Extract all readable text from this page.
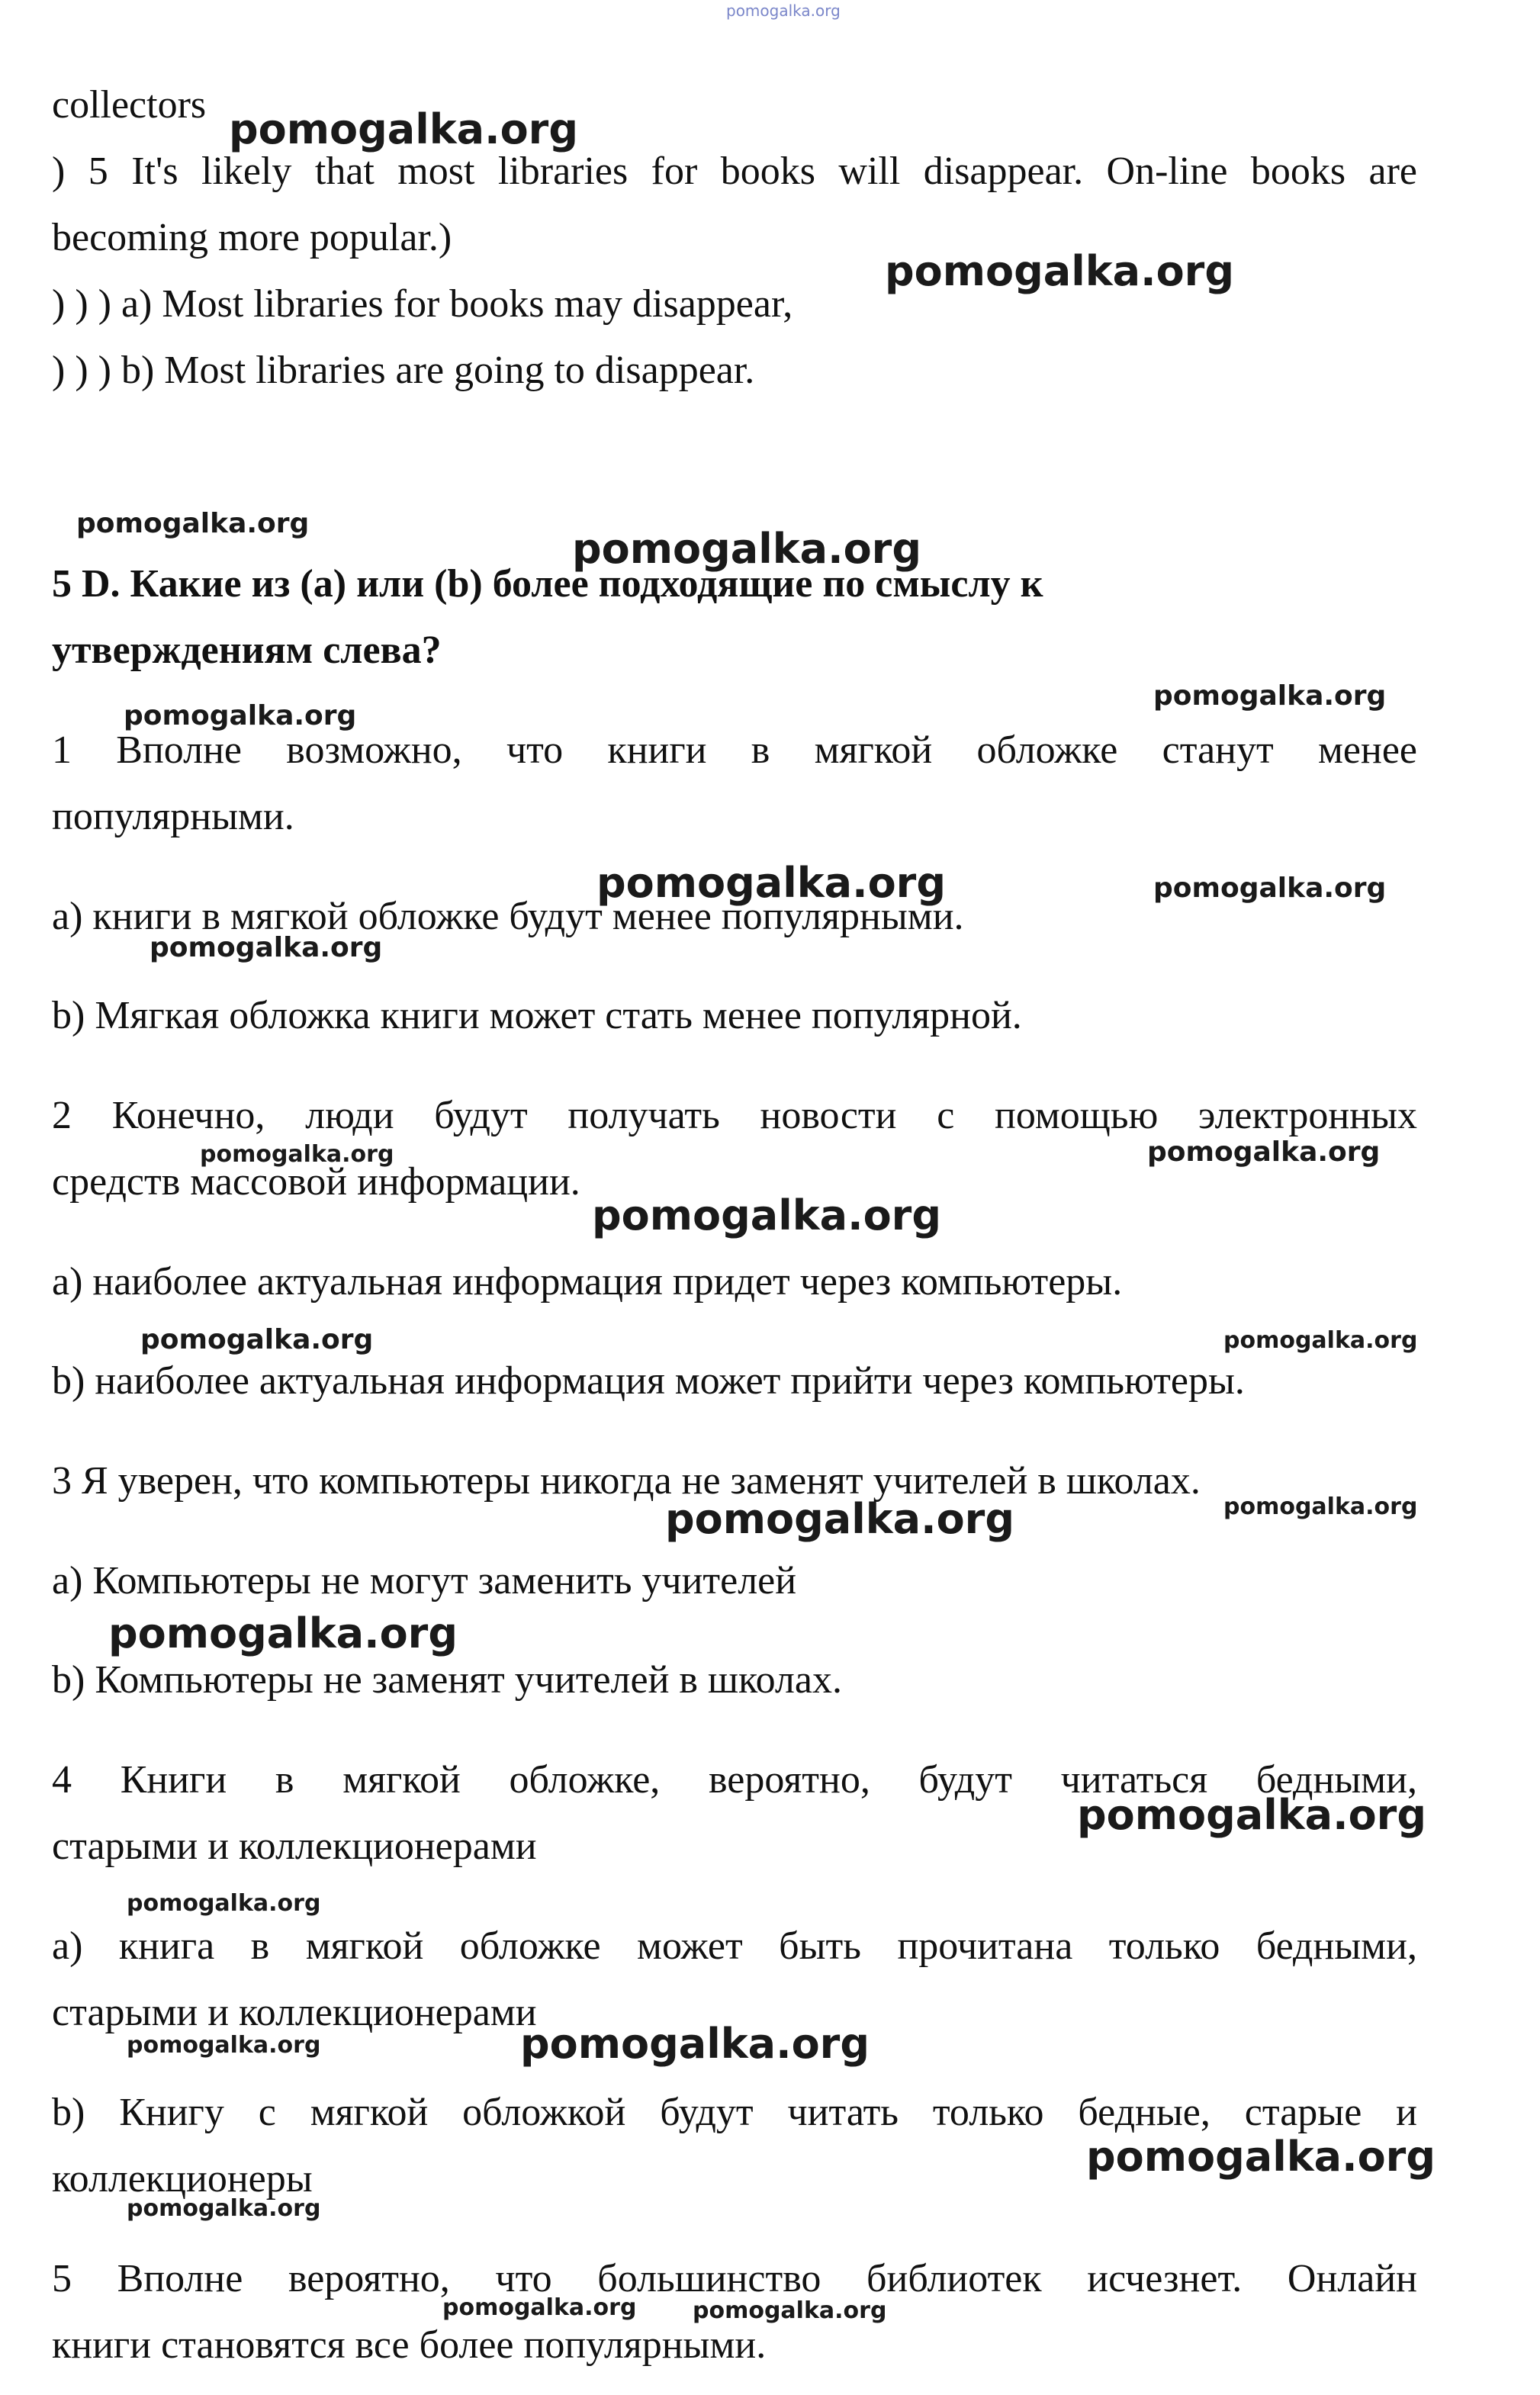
pomogalka.org

collectors

) 5 It's likely that most libraries for books will disappear. On-line books are

becoming more popular.)

) ) ) a) Most libraries for books may disappear,

) ) ) b) Most libraries are going to disappear.

5 D. Какие из (a) или (b) более подходящие по смыслу к

утверждениям слева?

1 Вполне возможно, что книги в мягкой обложке станут менее

популярными.

a) книги в мягкой обложке будут менее популярными.

b) Мягкая обложка книги может стать менее популярной.

2 Конечно, люди будут получать новости с помощью электронных

средств массовой информации.

a) наиболее актуальная информация придет через компьютеры.

b) наиболее актуальная информация может прийти через компьютеры.

3 Я уверен, что компьютеры никогда не заменят учителей в школах.

a) Компьютеры не могут заменить учителей

b) Компьютеры не заменят учителей в школах.

4 Книги в мягкой обложке, вероятно, будут читаться бедными,

старыми и коллекционерами

a) книга в мягкой обложке может быть прочитана только бедными,

старыми и коллекционерами

b) Книгу с мягкой обложкой будут читать только бедные, старые и

коллекционеры

5 Вполне вероятно, что большинство библиотек исчезнет. Онлайн

книги становятся все более популярными.

pomogalka.org

pomogalka.org

pomogalka.org

pomogalka.org

pomogalka.org

pomogalka.org

pomogalka.org	pomogalka.org

pomogalka.org

pomogalka.org	pomogalka.org

pomogalka.org

pomogalka.org	pomogalka.org

pomogalka.org

pomogalka.org

pomogalka.org

pomogalka.org

pomogalka.org

pomogalka.org	pomogalka.org

pomogalka.org

pomogalka.org

pomogalka.org pomogalka.org
